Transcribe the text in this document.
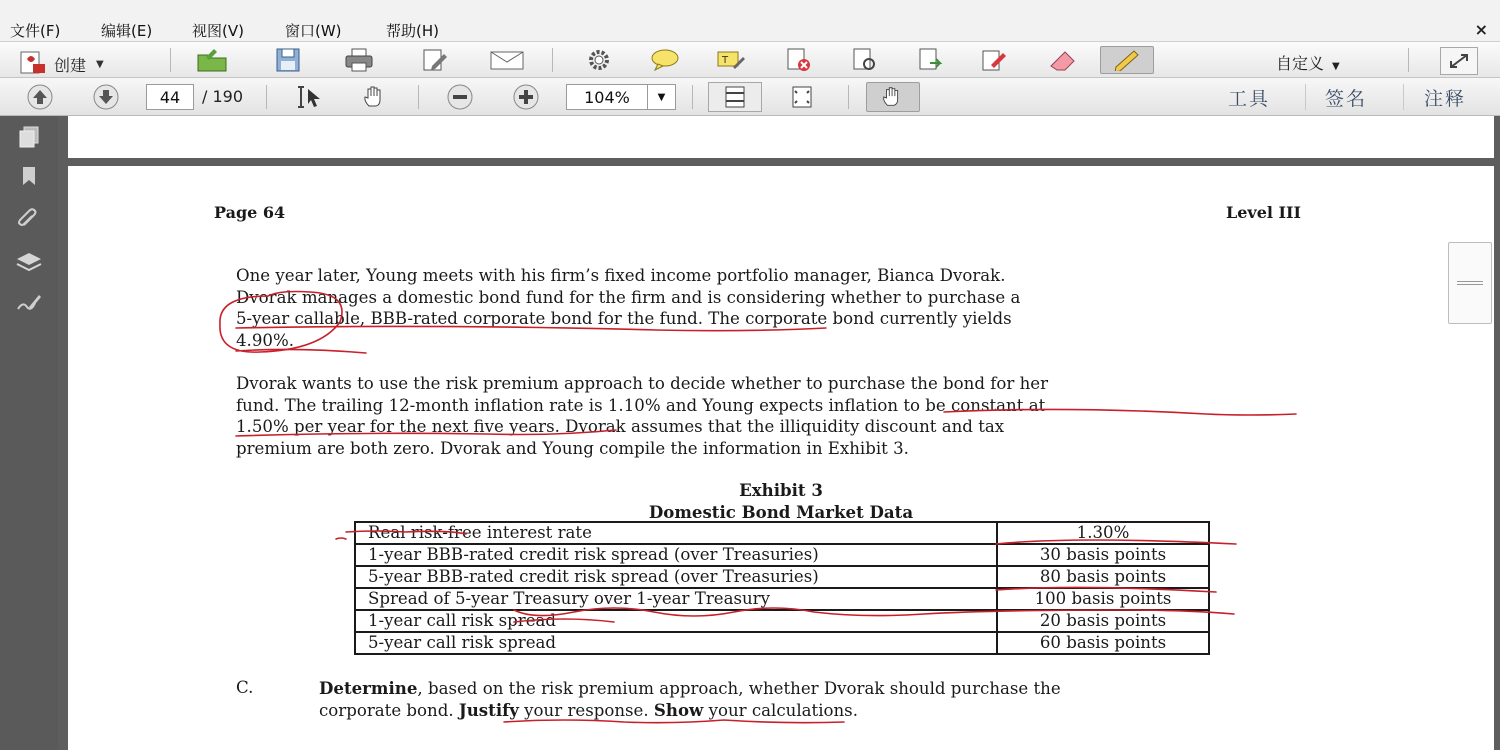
文件(F)	编辑(E)	视图(V)	窗口(W)	帮助(H)	×
创建 ▼	T	自定义 ▼
44	/ 190	104%	▼	工具	签名	注释
Page 64	Level III
One year later, Young meets with his firm’s fixed income portfolio manager, Bianca Dvorak.
Dvorak manages a domestic bond fund for the firm and is considering whether to purchase a
5-year callable, BBB-rated corporate bond for the fund. The corporate bond currently yields
4.90%.
Dvorak wants to use the risk premium approach to decide whether to purchase the bond for her
fund. The trailing 12-month inflation rate is 1.10% and Young expects inflation to be constant at
1.50% per year for the next five years. Dvorak assumes that the illiquidity discount and tax
premium are both zero. Dvorak and Young compile the information in Exhibit 3.
Exhibit 3
Domestic Bond Market Data
Real risk-free interest rate	1.30%
1-year BBB-rated credit risk spread (over Treasuries)	30 basis points
5-year BBB-rated credit risk spread (over Treasuries)	80 basis points
Spread of 5-year Treasury over 1-year Treasury	100 basis points
1-year call risk spread	20 basis points
5-year call risk spread	60 basis points
C.	Determine, based on the risk premium approach, whether Dvorak should purchase the
corporate bond. Justify your response. Show your calculations.
